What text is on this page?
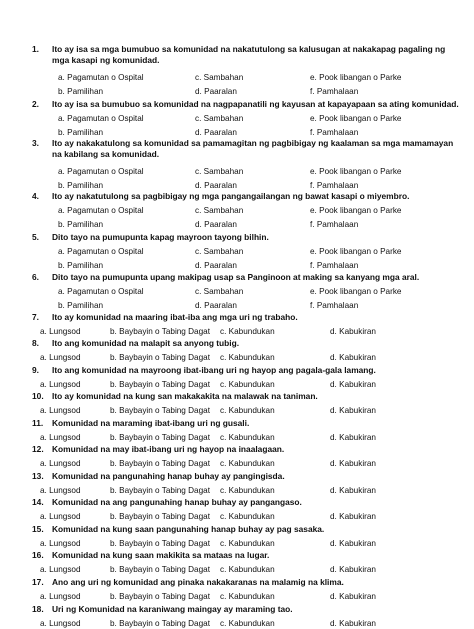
1.	Ito ay isa sa mga bumubuo sa komunidad na nakatutulong sa kalusugan at nakakapag pagaling ng mga kasapi ng komunidad.
a. Pagamutan o Ospital	c. Sambahan	e. Pook libangan o Parke
b. Pamilihan	d. Paaralan	f. Pamhalaan
2.	Ito ay isa sa bumubuo sa komunidad na nagpapanatili ng kayusan at kapayapaan sa ating komunidad.
a. Pagamutan o Ospital	c. Sambahan	e. Pook libangan o Parke
b. Pamilihan	d. Paaralan	f. Pamhalaan
3.	Ito ay nakakatulong sa komunidad sa pamamagitan ng pagbibigay ng kaalaman sa mga mamamayan na kabilang sa komunidad.
a. Pagamutan o Ospital	c. Sambahan	e. Pook libangan o Parke
b. Pamilihan	d. Paaralan	f. Pamhalaan
4.	Ito ay nakatutulong sa pagbibigay ng mga pangangailangan ng bawat kasapi o miyembro.
a. Pagamutan o Ospital	c. Sambahan	e. Pook libangan o Parke
b. Pamilihan	d. Paaralan	f. Pamhalaan
5.	Dito tayo na pumupunta kapag mayroon tayong bilhin.
a. Pagamutan o Ospital	c. Sambahan	e. Pook libangan o Parke
b. Pamilihan	d. Paaralan	f. Pamhalaan
6.	Dito tayo na pumupunta upang makipag usap sa Panginoon at making sa kanyang mga aral.
a. Pagamutan o Ospital	c. Sambahan	e. Pook libangan o Parke
b. Pamilihan	d. Paaralan	f. Pamhalaan
7.	Ito ay komunidad na maaring ibat-iba ang mga uri ng trabaho.
a. Lungsod	b. Baybayin o Tabing Dagat c. Kabundukan	d. Kabukiran
8.	Ito ang komunidad na malapit sa anyong tubig.
a. Lungsod	b. Baybayin o Tabing Dagat c. Kabundukan	d. Kabukiran
9.	Ito ang komunidad na mayroong ibat-ibang uri ng hayop ang pagala-gala lamang.
a. Lungsod	b. Baybayin o Tabing Dagat c. Kabundukan	d. Kabukiran
10. Ito ay komunidad na kung san makakakita na malawak na taniman.
a. Lungsod	b. Baybayin o Tabing Dagat c. Kabundukan	d. Kabukiran
11.	Komunidad na maraming ibat-ibang uri ng gusali.
a. Lungsod	b. Baybayin o Tabing Dagat c. Kabundukan	d. Kabukiran
12. Komunidad na may ibat-ibang uri ng hayop na inaalagaan.
a. Lungsod	b. Baybayin o Tabing Dagat c. Kabundukan	d. Kabukiran
13. Komunidad na pangunahing hanap buhay ay pangingisda.
a. Lungsod	b. Baybayin o Tabing Dagat c. Kabundukan	d. Kabukiran
14. Komunidad na ang pangunahing hanap buhay ay pangangaso.
a. Lungsod	b. Baybayin o Tabing Dagat c. Kabundukan	d. Kabukiran
15. Komunidad na kung saan pangunahing hanap buhay ay pag sasaka.
a. Lungsod	b. Baybayin o Tabing Dagat c. Kabundukan	d. Kabukiran
16. Komunidad na kung saan makikita sa mataas na lugar.
a. Lungsod	b. Baybayin o Tabing Dagat c. Kabundukan	d. Kabukiran
17. Ano ang uri ng komunidad ang pinaka nakakaranas na malamig na klima.
a. Lungsod	b. Baybayin o Tabing Dagat c. Kabundukan	d. Kabukiran
18. Uri ng Komunidad na karaniwang maingay ay maraming tao.
a. Lungsod	b. Baybayin o Tabing Dagat c. Kabundukan	d. Kabukiran
